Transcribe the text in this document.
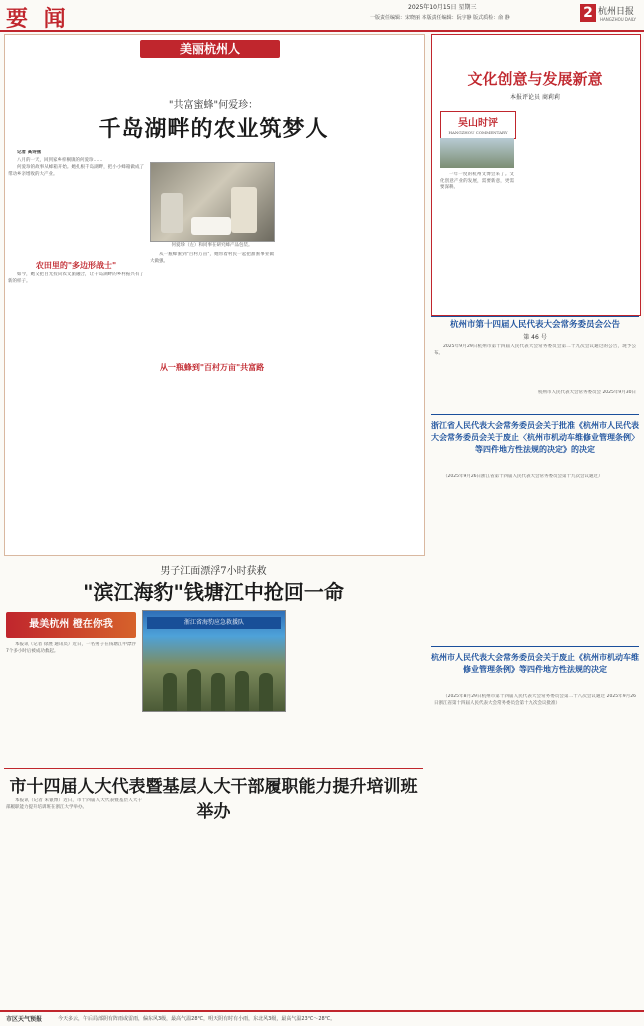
要 闻	2025年10月15日 星期三
一版责任编辑：宋晓丽 本版责任编辑：阮宇静 版式质检：俞 静	2 杭州日报
HANGZHOU DAILY
美丽杭州人
"共富蜜蜂"何爱珍：
千岛湖畔的农业筑梦人

记者 高诗燕

八月的一天，回到家乡梓桐镇的何爱珍……

何爱珍的故事从蜂箱开始。她扎根千岛湖畔，把小小蜂箱做成了带动乡亲增收的大产业。

农田里的"多边形战士"

如今，她又把目光投向农文旅融合，让千岛湖畔的乡村振兴有了新的样子。

何爱珍（左）和同事在研究蜂产品包装。

从一瓶蜂蜜到"百村万亩"，她带着村民一起把甜蜜事业做大做强。

从一瓶蜂到"百村万亩"共富路

文化创意与发展新意
本报评论员 商莉莉
吴山时评
HANGZHOU COMMENTARY

一年一度的杭州文博会来了。文化创意产业的发展，需要新意，更需要深耕。

杭州市第十四届人民代表大会常务委员会公告
第 46 号

2025年9月29日杭州市第十四届人民代表大会常务委员会第二十九次会议通过的公告，现予公布。

杭州市人民代表大会常务委员会 2025年9月30日

浙江省人民代表大会常务委员会关于批准《杭州市人民代表大会常务委员会关于废止〈杭州市机动车维修业管理条例〉等四件地方性法规的决定》的决定

（2025年9月26日浙江省第十四届人民代表大会常务委员会第十九次会议通过）

杭州市人民代表大会常务委员会关于废止《杭州市机动车维修业管理条例》等四件地方性法规的决定

（2025年8月29日杭州市第十四届人民代表大会常务委员会第二十八次会议通过 2025年9月26日浙江省第十四届人民代表大会常务委员会第十九次会议批准）

男子江面漂浮7小时获救
"滨江海豹"钱塘江中抢回一命
最美杭州 橙在你我

本报讯（记者 徐展 通讯员）近日，一名男子在钱塘江中漂浮7个多小时后被成功救起。

浙江省海豹应急救援队

市十四届人大代表暨基层人大干部履职能力提升培训班举办

本报讯（记者 朱银博）近日，市十四届人大代表暨基层人大干部履职能力提升培训班在浙江大学举办。

市区天气预报	今天多云，午后局部阴有阵雨或雷雨，偏东风3级，最高气温28℃，明天阴有时有小雨，东北风3级，最高气温23℃～28℃。
